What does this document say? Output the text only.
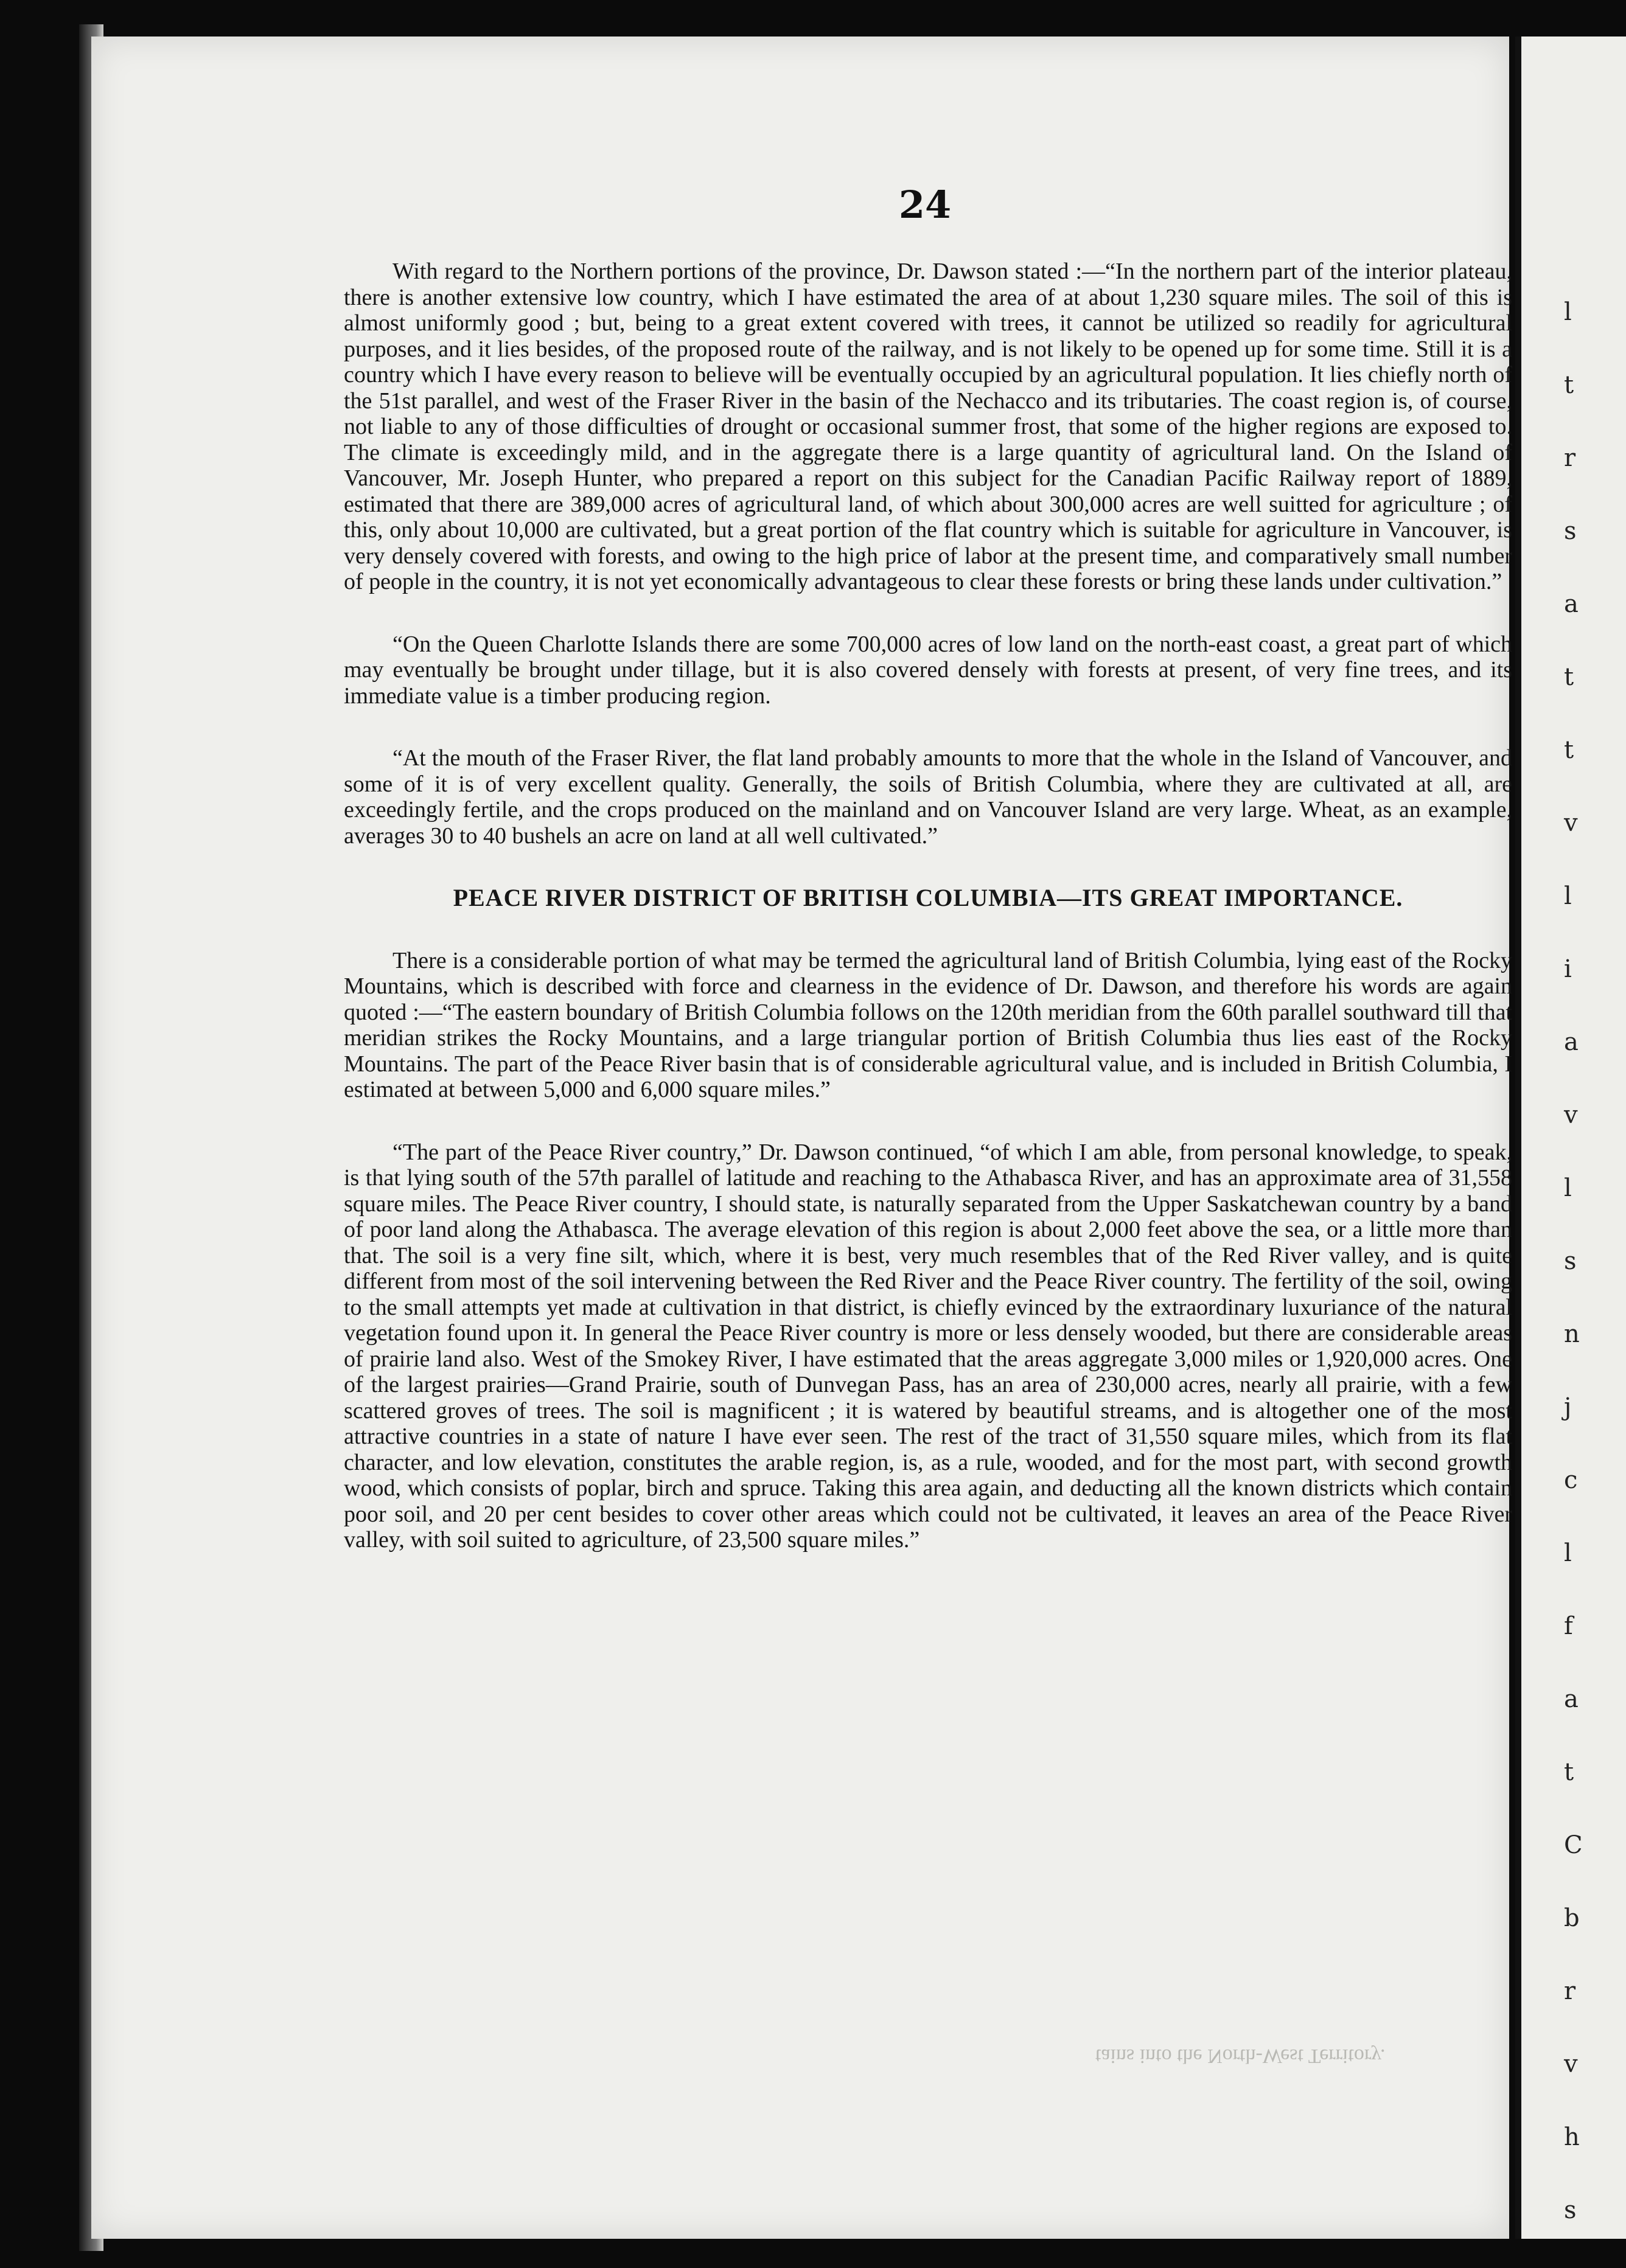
l
t
r
s
a
t
t
v
l
i
a
v
l
s
n
j
c
l
f
a
t
C
b
r
v
h
s
24

With regard to the Northern portions of the province, Dr. Dawson stated :—“In the northern part of the interior plateau, there is another extensive low country, which I have estimated the area of at about 1,230 square miles. The soil of this is almost uniformly good ; but, being to a great extent covered with trees, it cannot be utilized so readily for agricultural purposes, and it lies besides, of the proposed route of the railway, and is not likely to be opened up for some time. Still it is a country which I have every reason to believe will be eventually occupied by an agricultural population. It lies chiefly north of the 51st parallel, and west of the Fraser River in the basin of the Nechacco and its tributaries. The coast region is, of course, not liable to any of those difficulties of drought or occasional summer frost, that some of the higher regions are exposed to. The climate is exceedingly mild, and in the aggregate there is a large quantity of agricultural land. On the Island of Vancouver, Mr. Joseph Hunter, who prepared a report on this subject for the Canadian Pacific Railway report of 1889, estimated that there are 389,000 acres of agricultural land, of which about 300,000 acres are well suitted for agriculture ; of this, only about 10,000 are cultivated, but a great portion of the flat country which is suitable for agriculture in Vancouver, is very densely covered with forests, and owing to the high price of labor at the present time, and comparatively small number of people in the country, it is not yet economically advantageous to clear these forests or bring these lands under cultivation.”

“On the Queen Charlotte Islands there are some 700,000 acres of low land on the north-east coast, a great part of which may eventually be brought under tillage, but it is also covered densely with forests at present, of very fine trees, and its immediate value is a timber producing region.

“At the mouth of the Fraser River, the flat land probably amounts to more that the whole in the Island of Vancouver, and some of it is of very excellent quality. Generally, the soils of British Columbia, where they are cultivated at all, are exceedingly fertile, and the crops produced on the mainland and on Vancouver Island are very large. Wheat, as an example, averages 30 to 40 bushels an acre on land at all well cultivated.”

PEACE RIVER DISTRICT OF BRITISH COLUMBIA—ITS GREAT IMPORTANCE.

There is a considerable portion of what may be termed the agricultural land of British Columbia, lying east of the Rocky Mountains, which is described with force and clearness in the evidence of Dr. Dawson, and therefore his words are again quoted :—“The eastern boundary of British Columbia follows on the 120th meridian from the 60th parallel southward till that meridian strikes the Rocky Mountains, and a large triangular portion of British Columbia thus lies east of the Rocky Mountains. The part of the Peace River basin that is of considerable agricultural value, and is included in British Columbia, I estimated at between 5,000 and 6,000 square miles.”

“The part of the Peace River country,” Dr. Dawson continued, “of which I am able, from personal knowledge, to speak, is that lying south of the 57th parallel of latitude and reaching to the Athabasca River, and has an approximate area of 31,558 square miles. The Peace River country, I should state, is naturally separated from the Upper Saskatchewan country by a band of poor land along the Athabasca. The average elevation of this region is about 2,000 feet above the sea, or a little more than that. The soil is a very fine silt, which, where it is best, very much resembles that of the Red River valley, and is quite different from most of the soil intervening between the Red River and the Peace River country. The fertility of the soil, owing to the small attempts yet made at cultivation in that district, is chiefly evinced by the extraordinary luxuriance of the natural vegetation found upon it. In general the Peace River country is more or less densely wooded, but there are considerable areas of prairie land also. West of the Smokey River, I have estimated that the areas aggregate 3,000 miles or 1,920,000 acres. One of the largest prairies—Grand Prairie, south of Dunvegan Pass, has an area of 230,000 acres, nearly all prairie, with a few scattered groves of trees. The soil is magnificent ; it is watered by beautiful streams, and is altogether one of the most attractive countries in a state of nature I have ever seen. The rest of the tract of 31,550 square miles, which from its flat character, and low elevation, constitutes the arable region, is, as a rule, wooded, and for the most part, with second growth wood, which consists of poplar, birch and spruce. Taking this area again, and deducting all the known districts which contain poor soil, and 20 per cent besides to cover other areas which could not be cultivated, it leaves an area of the Peace River valley, with soil suited to agriculture, of 23,500 square miles.”

tains into the North-West Territory.
